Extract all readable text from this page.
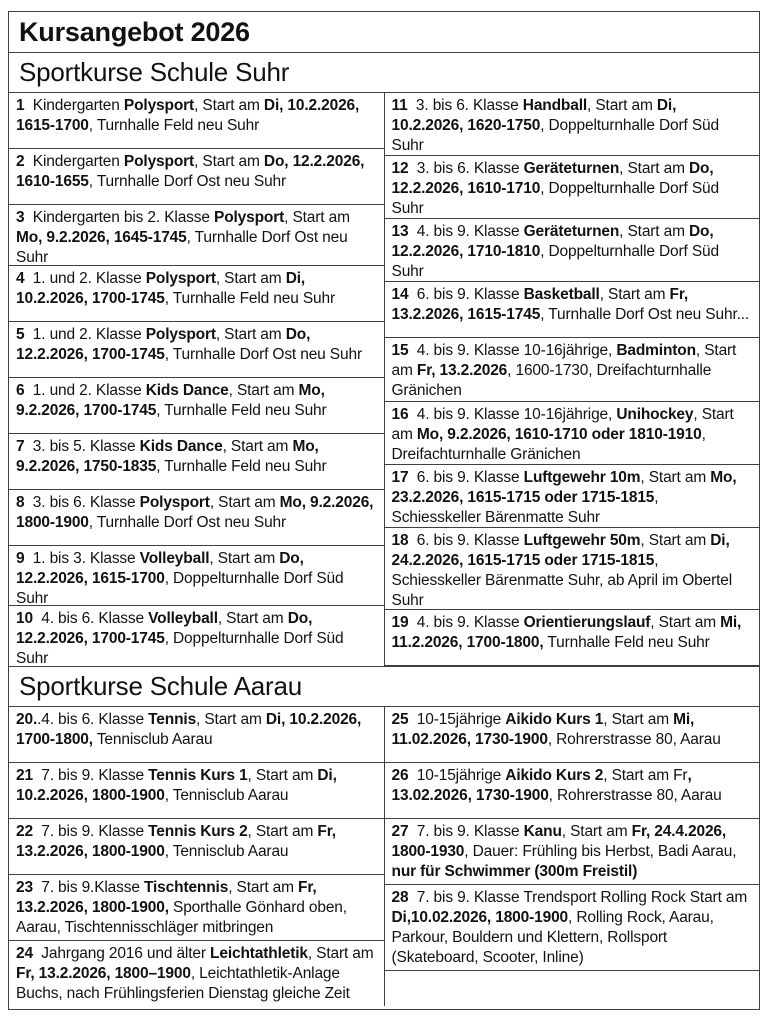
Kursangebot 2026
Sportkurse Schule Suhr
1  Kindergarten Polysport, Start am Di, 10.2.2026, 1615-1700, Turnhalle Feld neu Suhr
2  Kindergarten Polysport, Start am Do, 12.2.2026, 1610-1655, Turnhalle Dorf Ost neu Suhr
3  Kindergarten bis 2. Klasse Polysport, Start am Mo, 9.2.2026, 1645-1745, Turnhalle Dorf Ost neu Suhr
4  1. und 2. Klasse Polysport, Start am Di, 10.2.2026, 1700-1745, Turnhalle Feld neu Suhr
5  1. und 2. Klasse Polysport, Start am Do, 12.2.2026, 1700-1745, Turnhalle Dorf Ost neu Suhr
6  1. und 2. Klasse Kids Dance, Start am Mo, 9.2.2026, 1700-1745, Turnhalle Feld neu Suhr
7  3. bis 5. Klasse Kids Dance, Start am Mo, 9.2.2026, 1750-1835, Turnhalle Feld neu Suhr
8  3. bis 6. Klasse Polysport, Start am Mo, 9.2.2026, 1800-1900, Turnhalle Dorf Ost neu Suhr
9  1. bis 3. Klasse Volleyball, Start am Do, 12.2.2026, 1615-1700, Doppelturnhalle Dorf Süd Suhr
10  4. bis 6. Klasse Volleyball, Start am Do, 12.2.2026, 1700-1745, Doppelturnhalle Dorf Süd Suhr
11  3. bis 6. Klasse Handball, Start am Di, 10.2.2026, 1620-1750, Doppelturnhalle Dorf Süd Suhr
12  3. bis 6. Klasse Geräteturnen, Start am Do, 12.2.2026, 1610-1710, Doppelturnhalle Dorf Süd Suhr
13  4. bis 9. Klasse Geräteturnen, Start am Do, 12.2.2026, 1710-1810, Doppelturnhalle Dorf Süd Suhr
14  6. bis 9. Klasse Basketball, Start am Fr, 13.2.2026, 1615-1745, Turnhalle Dorf Ost neu Suhr...
15  4. bis 9. Klasse 10-16jährige, Badminton, Start am Fr, 13.2.2026, 1600-1730, Dreifachturnhalle Gränichen
16  4. bis 9. Klasse 10-16jährige, Unihockey, Start am Mo, 9.2.2026, 1610-1710 oder 1810-1910, Dreifachturnhalle Gränichen
17  6. bis 9. Klasse Luftgewehr 10m, Start am Mo, 23.2.2026, 1615-1715 oder 1715-1815, Schiesskeller Bärenmatte Suhr
18  6. bis 9. Klasse Luftgewehr 50m, Start am Di, 24.2.2026, 1615-1715 oder 1715-1815, Schiesskeller Bärenmatte Suhr, ab April im Obertel Suhr
19  4. bis 9. Klasse Orientierungslauf, Start am Mi, 11.2.2026, 1700-1800, Turnhalle Feld neu Suhr
Sportkurse Schule Aarau
20..4. bis 6. Klasse Tennis, Start am Di, 10.2.2026, 1700-1800, Tennisclub Aarau
21  7. bis 9. Klasse Tennis Kurs 1, Start am Di, 10.2.2026, 1800-1900, Tennisclub Aarau
22  7. bis 9. Klasse Tennis Kurs 2, Start am Fr, 13.2.2026, 1800-1900, Tennisclub Aarau
23  7. bis 9.Klasse Tischtennis, Start am Fr, 13.2.2026, 1800-1900, Sporthalle Gönhard oben, Aarau, Tischtennisschläger mitbringen
24  Jahrgang 2016 und älter Leichtathletik, Start am Fr, 13.2.2026, 1800–1900, Leichtathletik-Anlage Buchs, nach Frühlingsferien Dienstag gleiche Zeit
25  10-15jährige Aikido Kurs 1, Start am Mi, 11.02.2026, 1730-1900, Rohrerstrasse 80, Aarau
26  10-15jährige Aikido Kurs 2, Start am Fr, 13.02.2026, 1730-1900, Rohrerstrasse 80, Aarau
27  7. bis 9. Klasse Kanu, Start am Fr, 24.4.2026, 1800-1930, Dauer: Frühling bis Herbst, Badi Aarau, nur für Schwimmer (300m Freistil)
28  7. bis 9. Klasse Trendsport Rolling Rock Start am Di,10.02.2026, 1800-1900, Rolling Rock, Aarau, Parkour, Bouldern und Klettern, Rollsport (Skateboard, Scooter, Inline)
